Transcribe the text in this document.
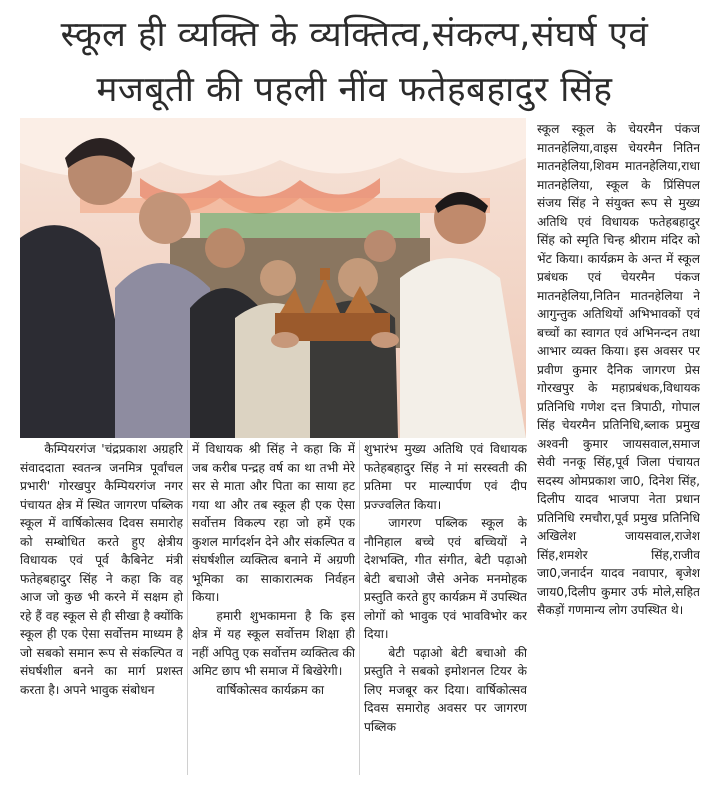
स्कूल ही व्यक्ति के व्यक्तित्व,संकल्प,संघर्ष एवं
मजबूती की पहली नींव फतेहबहादुर सिंह
कैम्पियरगंज 'चंद्रप्रकाश अग्रहरि संवाददाता स्वतन्त्र जनमित्र पूर्वांचल प्रभारी' गोरखपुर कैम्पियरगंज नगर पंचायत क्षेत्र में स्थित जागरण पब्लिक स्कूल में वार्षिकोत्सव दिवस समारोह को सम्बोधित करते हुए क्षेत्रीय विधायक एवं पूर्व कैबिनेट मंत्री फतेहबहादुर सिंह ने कहा कि वह आज जो कुछ भी करने में सक्षम हो रहे हैं वह स्कूल से ही सीखा है क्योंकि स्कूल ही एक ऐसा सर्वोत्तम माध्यम है जो सबको समान रूप से संकल्पित व संघर्षशील बनने का मार्ग प्रशस्त करता है। अपने भावुक संबोधन

में विधायक श्री सिंह ने कहा कि में जब करीब पन्द्रह वर्ष का था तभी मेरे सर से माता और पिता का साया हट गया था और तब स्कूल ही एक ऐसा सर्वोत्तम विकल्प रहा जो हमें एक कुशल मार्गदर्शन देने और संकल्पित व संघर्षशील व्यक्तित्व बनाने में अग्रणी भूमिका का साकारात्मक निर्वहन किया।

हमारी शुभकामना है कि इस क्षेत्र में यह स्कूल सर्वोत्तम शिक्षा ही नहीं अपितु एक सर्वोत्तम व्यक्तित्व की अमिट छाप भी समाज में बिखेरेगी।

वार्षिकोत्सव कार्यक्रम का

शुभारंभ मुख्य अतिथि एवं विधायक फतेहबहादुर सिंह ने मां सरस्वती की प्रतिमा पर माल्यार्पण एवं दीप प्रज्ज्वलित किया।

जागरण पब्लिक स्कूल के नौनिहाल बच्चे एवं बच्चियों ने देशभक्ति, गीत संगीत, बेटी पढ़ाओ बेटी बचाओ जैसे अनेक मनमोहक प्रस्तुति करते हुए कार्यक्रम में उपस्थित लोगों को भावुक एवं भावविभोर कर दिया।

बेटी पढ़ाओ बेटी बचाओ की प्रस्तुति ने सबको इमोशनल टियर के लिए मजबूर कर दिया। वार्षिकोत्सव दिवस समारोह अवसर पर जागरण पब्लिक

स्कूल स्कूल के चेयरमैन पंकज मातनहेलिया,वाइस चेयरमैन नितिन मातनहेलिया,शिवम मातनहेलिया,राधा मातनहेलिया, स्कूल के प्रिंसिपल संजय सिंह ने संयुक्त रूप से मुख्य अतिथि एवं विधायक फतेहबहादुर सिंह को स्मृति चिन्ह श्रीराम मंदिर को भेंट किया। कार्यक्रम के अन्त में स्कूल प्रबंधक एवं चेयरमैन पंकज मातनहेलिया,नितिन मातनहेलिया ने आगुन्तुक अतिथियों अभिभावकों एवं बच्चों का स्वागत एवं अभिनन्दन तथा आभार व्यक्त किया। इस अवसर पर प्रवीण कुमार दैनिक जागरण प्रेस गोरखपुर के महाप्रबंधक,विधायक प्रतिनिधि गणेश दत्त त्रिपाठी, गोपाल सिंह चेयरमैन प्रतिनिधि,ब्लाक प्रमुख अश्वनी कुमार जायसवाल,समाज सेवी ननकू सिंह,पूर्व जिला पंचायत सदस्य ओमप्रकाश जा0, दिनेश सिंह, दिलीप यादव भाजपा नेता प्रधान प्रतिनिधि रमचौरा,पूर्व प्रमुख प्रतिनिधि अखिलेश जायसवाल,राजेश सिंह,शमशेर सिंह,राजीव जा0,जनार्दन यादव नवापार, बृजेश जाय0,दिलीप कुमार उर्फ मोले,सहित सैकड़ों गणमान्य लोग उपस्थित थे।
